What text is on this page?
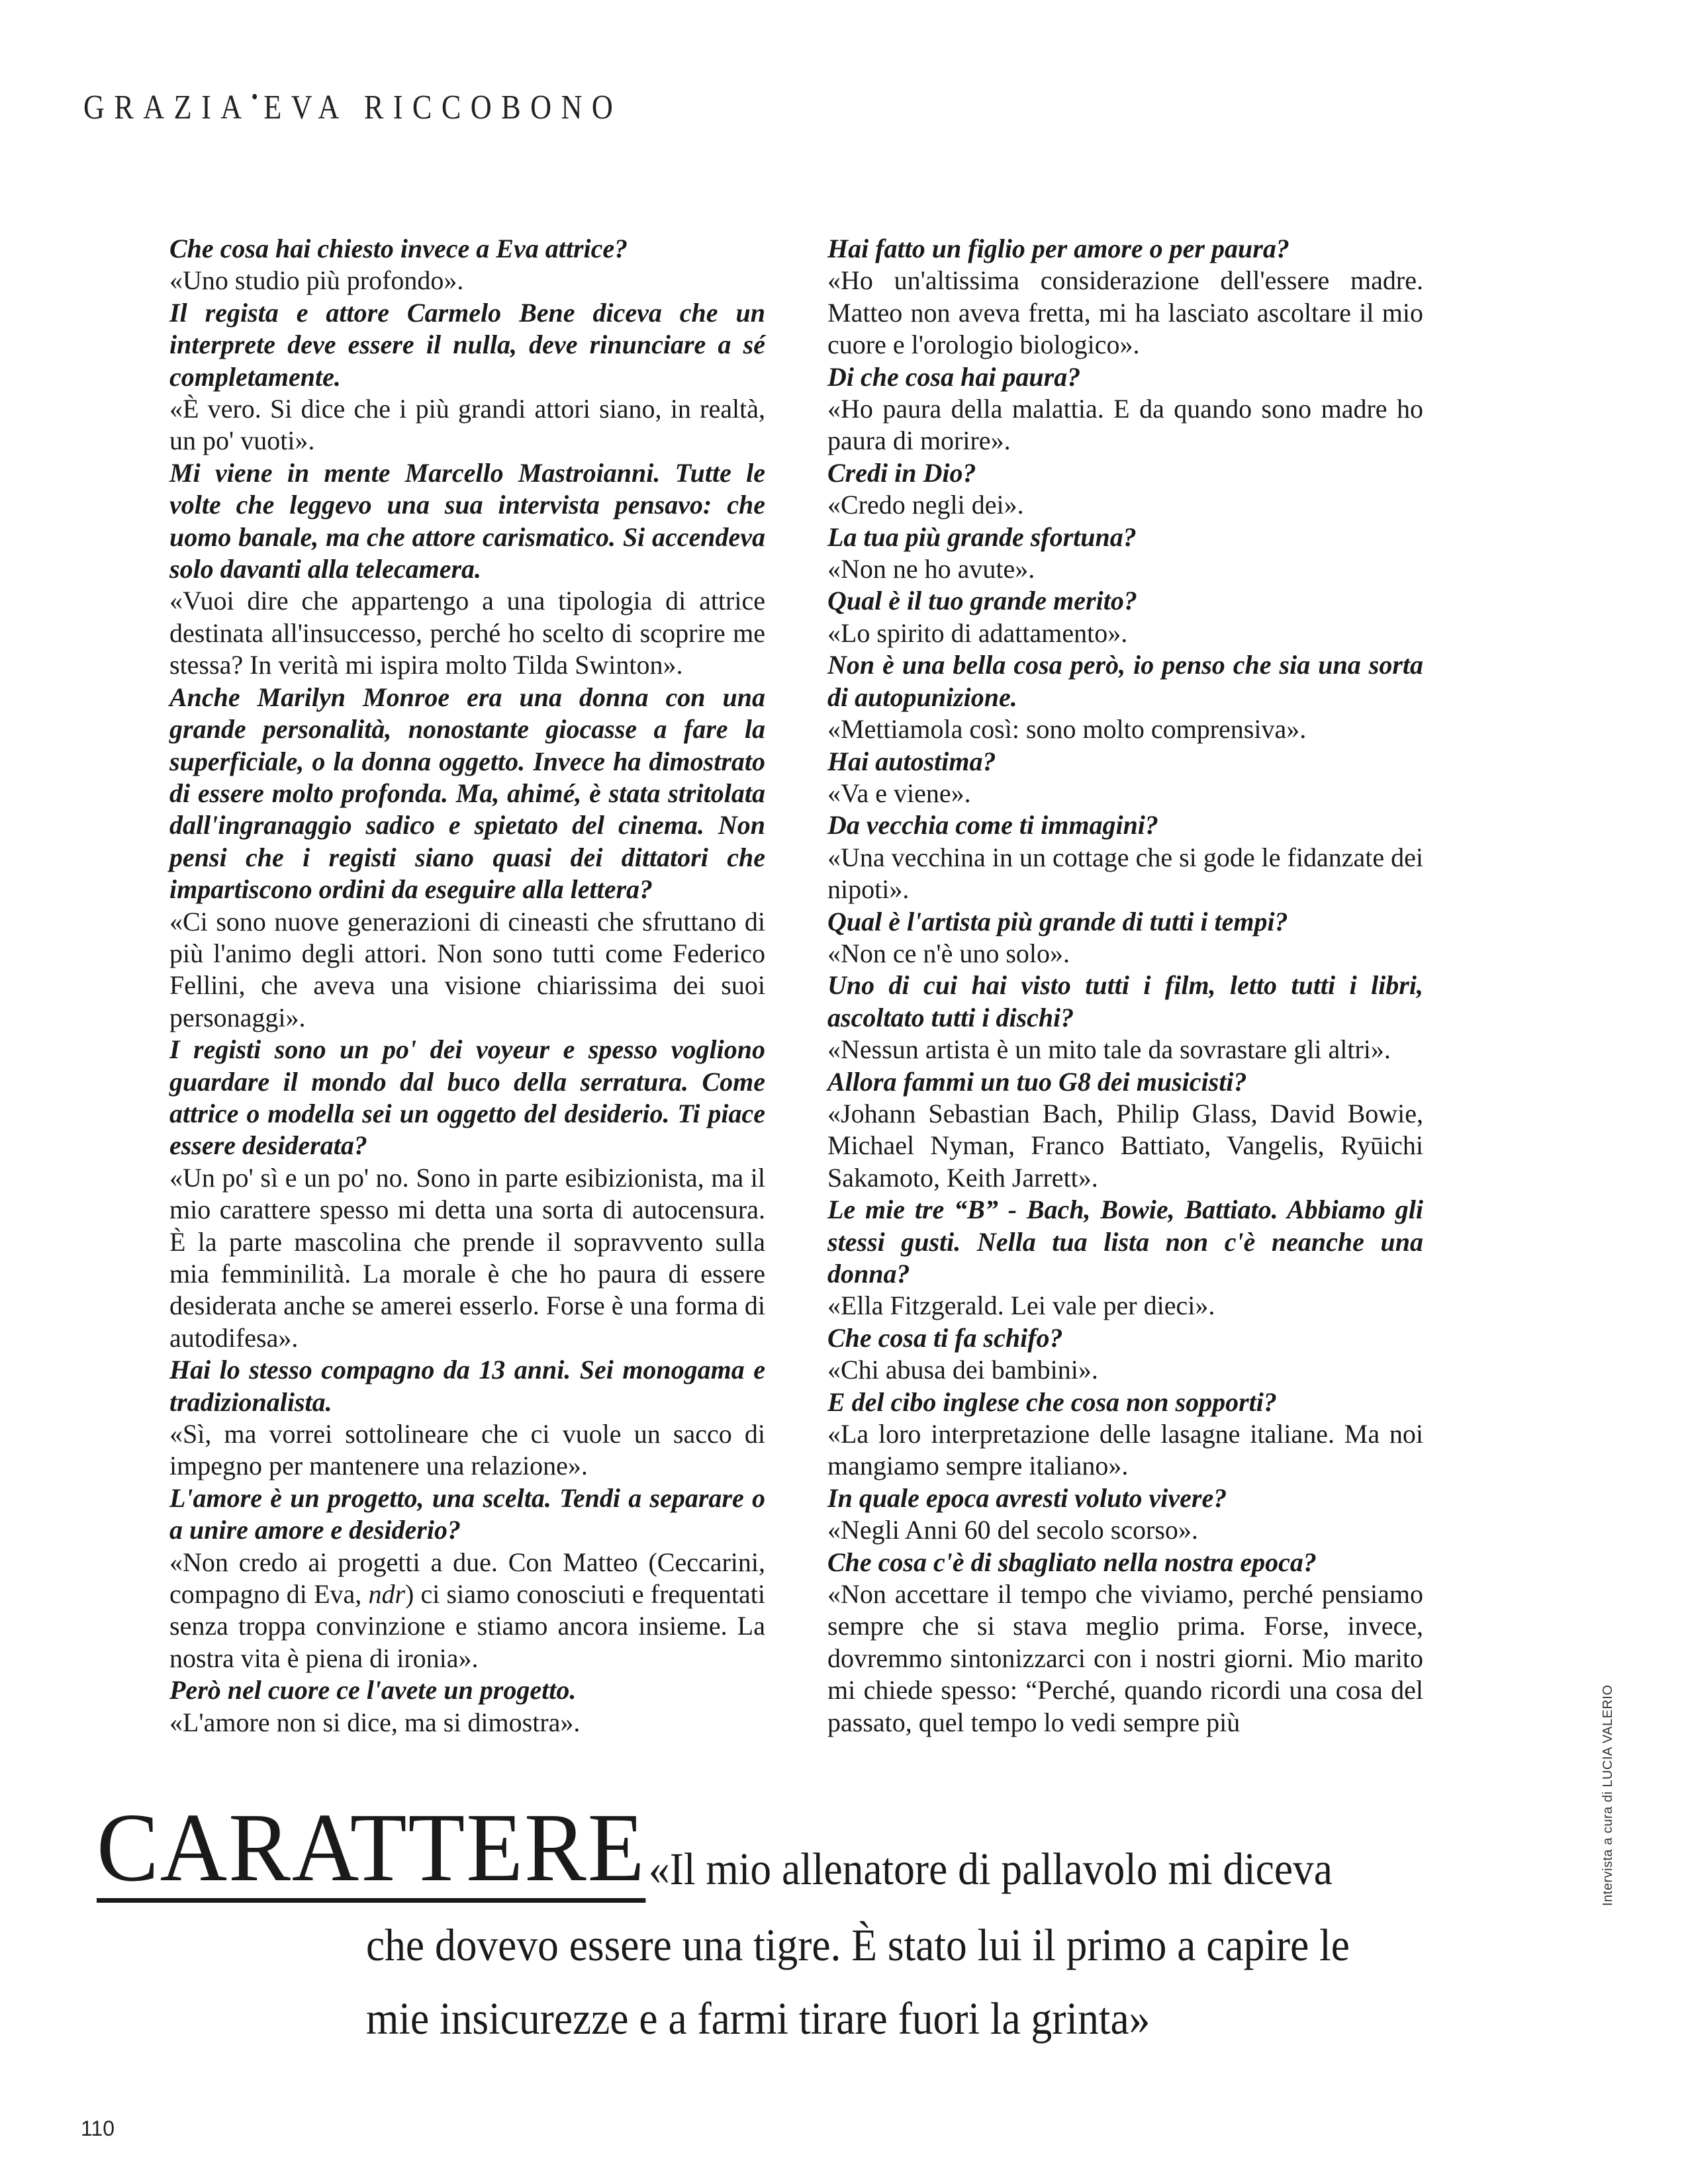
GRAZIA•EVA RICCOBONO

Che cosa hai chiesto invece a Eva attrice?

«Uno studio più profondo».

Il regista e attore Carmelo Bene diceva che un interprete deve essere il nulla, deve rinunciare a sé completamente.

«È vero. Si dice che i più grandi attori siano, in realtà, un po' vuoti».

Mi viene in mente Marcello Mastroianni. Tutte le volte che leggevo una sua intervista pensavo: che uomo banale, ma che attore carismatico. Si accendeva solo davanti alla telecamera.

«Vuoi dire che appartengo a una tipologia di attrice destinata all'insuccesso, perché ho scelto di scoprire me stessa? In verità mi ispira molto Tilda Swinton».

Anche Marilyn Monroe era una donna con una grande personalità, nonostante giocasse a fare la superficiale, o la donna oggetto. Invece ha dimostrato di essere molto profonda. Ma, ahimé, è stata stritolata dall'ingranaggio sadico e spietato del cinema. Non pensi che i registi siano quasi dei dittatori che impartiscono ordini da eseguire alla lettera?

«Ci sono nuove generazioni di cineasti che sfruttano di più l'animo degli attori. Non sono tutti come Federico Fellini, che aveva una visione chiarissima dei suoi personaggi».

I registi sono un po' dei voyeur e spesso vogliono guardare il mondo dal buco della serratura. Come attrice o modella sei un oggetto del desiderio. Ti piace essere desiderata?

«Un po' sì e un po' no. Sono in parte esibizionista, ma il mio carattere spesso mi detta una sorta di autocensura. È la parte mascolina che prende il sopravvento sulla mia femminilità. La morale è che ho paura di essere desiderata anche se amerei esserlo. Forse è una forma di autodifesa».

Hai lo stesso compagno da 13 anni. Sei monogama e tradizionalista.

«Sì, ma vorrei sottolineare che ci vuole un sacco di impegno per mantenere una relazione».

L'amore è un progetto, una scelta. Tendi a separare o a unire amore e desiderio?

«Non credo ai progetti a due. Con Matteo (Ceccarini, compagno di Eva, ndr) ci siamo conosciuti e frequentati senza troppa convinzione e stiamo ancora insieme. La nostra vita è piena di ironia».

Però nel cuore ce l'avete un progetto.

«L'amore non si dice, ma si dimostra».

Hai fatto un figlio per amore o per paura?

«Ho un'altissima considerazione dell'essere madre. Matteo non aveva fretta, mi ha lasciato ascoltare il mio cuore e l'orologio biologico».

Di che cosa hai paura?

«Ho paura della malattia. E da quando sono madre ho paura di morire».

Credi in Dio?

«Credo negli dei».

La tua più grande sfortuna?

«Non ne ho avute».

Qual è il tuo grande merito?

«Lo spirito di adattamento».

Non è una bella cosa però, io penso che sia una sorta di autopunizione.

«Mettiamola così: sono molto comprensiva».

Hai autostima?

«Va e viene».

Da vecchia come ti immagini?

«Una vecchina in un cottage che si gode le fidanzate dei nipoti».

Qual è l'artista più grande di tutti i tempi?

«Non ce n'è uno solo».

Uno di cui hai visto tutti i film, letto tutti i libri, ascoltato tutti i dischi?

«Nessun artista è un mito tale da sovrastare gli altri».

Allora fammi un tuo G8 dei musicisti?

«Johann Sebastian Bach, Philip Glass, David Bowie, Michael Nyman, Franco Battiato, Vangelis, Ryūichi Sakamoto, Keith Jarrett».

Le mie tre “B” - Bach, Bowie, Battiato. Abbiamo gli stessi gusti. Nella tua lista non c'è neanche una donna?

«Ella Fitzgerald. Lei vale per dieci».

Che cosa ti fa schifo?

«Chi abusa dei bambini».

E del cibo inglese che cosa non sopporti?

«La loro interpretazione delle lasagne italiane. Ma noi mangiamo sempre italiano».

In quale epoca avresti voluto vivere?

«Negli Anni 60 del secolo scorso».

Che cosa c'è di sbagliato nella nostra epoca?

«Non accettare il tempo che viviamo, perché pensiamo sempre che si stava meglio prima. Forse, invece, dovremmo sintonizzarci con i nostri giorni. Mio marito mi chiede spesso: “Perché, quando ricordi una cosa del passato, quel tempo lo vedi sempre più

CARATTERE «Il mio allenatore di pallavolo mi diceva
che dovevo essere una tigre. È stato lui il primo a capire le
mie insicurezze e a farmi tirare fuori la grinta»
Intervista a cura di LUCIA VALERIO
110
